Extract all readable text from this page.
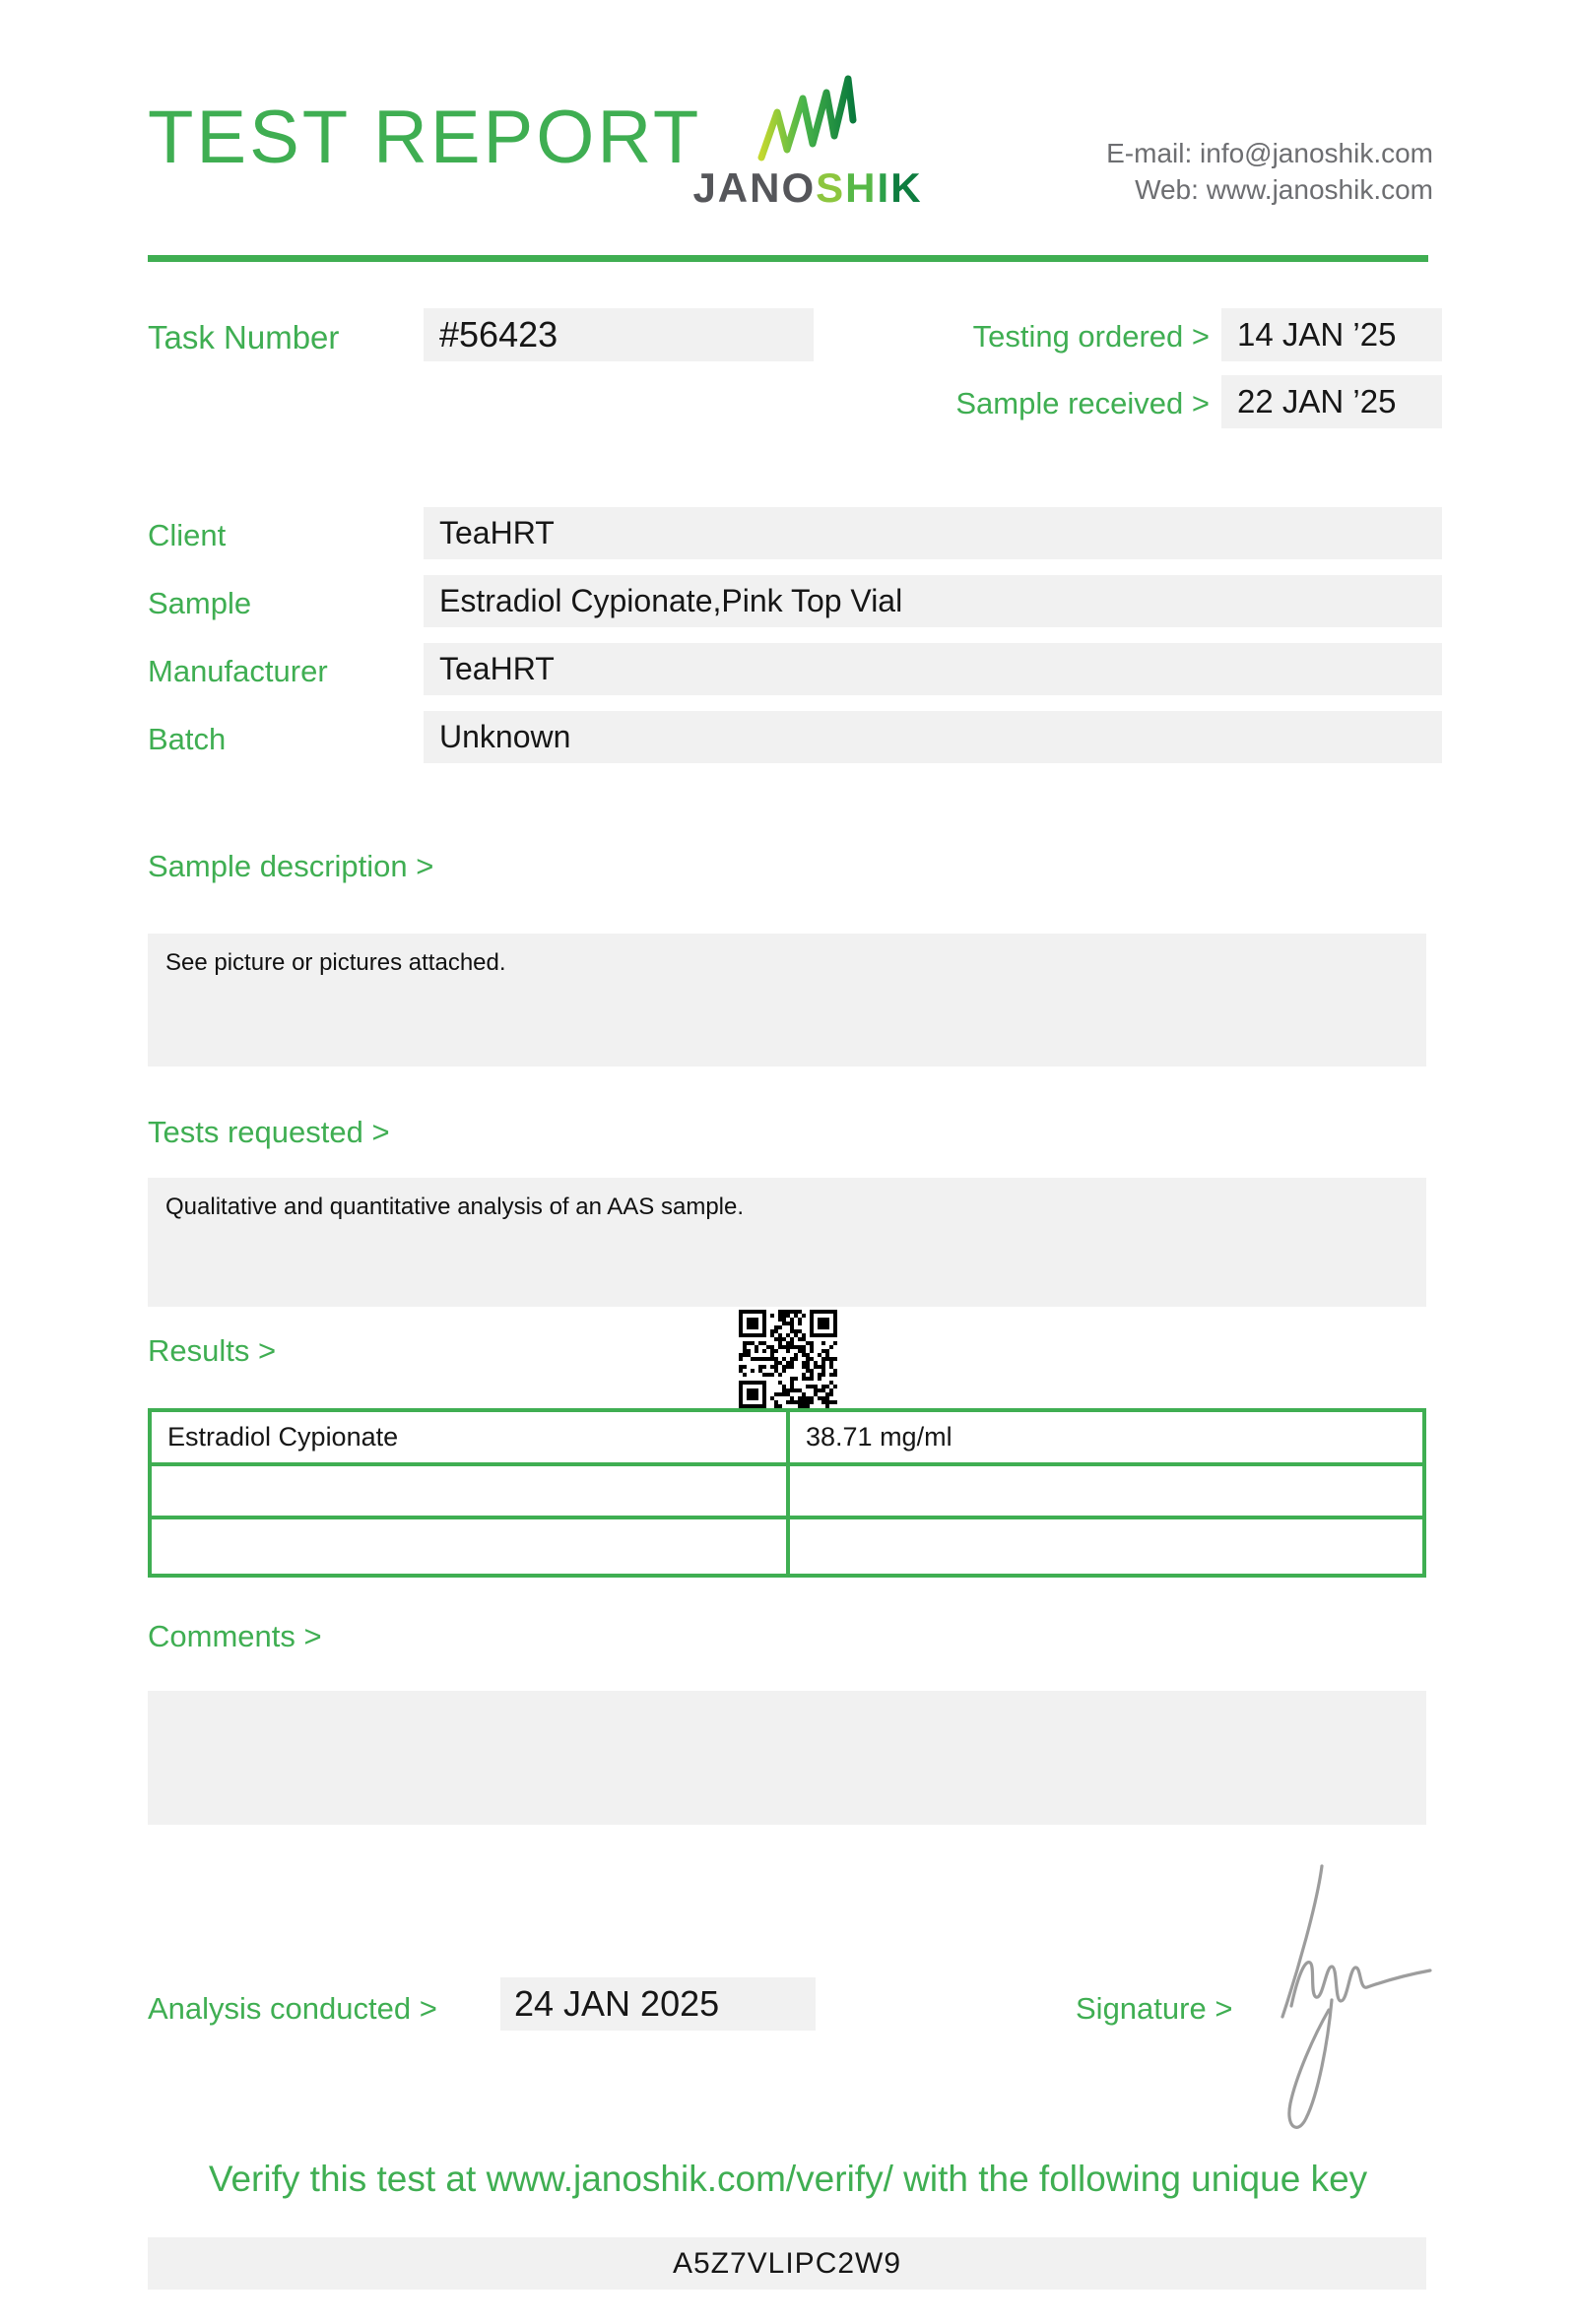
TEST REPORT
JANOSHIK
E-mail: info@janoshik.com
Web: www.janoshik.com
Task Number	#56423	Testing ordered > 14 JAN ’25
Sample received > 22 JAN ’25
Client	TeaHRT
Sample	Estradiol Cypionate,Pink Top Vial
Manufacturer	TeaHRT
Batch	Unknown
Sample description >
See picture or pictures attached.
Tests requested >
Qualitative and quantitative analysis of an AAS sample.
Results >
Estradiol Cypionate	38.71 mg/ml
Comments >
Analysis conducted > 24 JAN 2025	Signature >
Verify this test at www.janoshik.com/verify/ with the following unique key
A5Z7VLIPC2W9
